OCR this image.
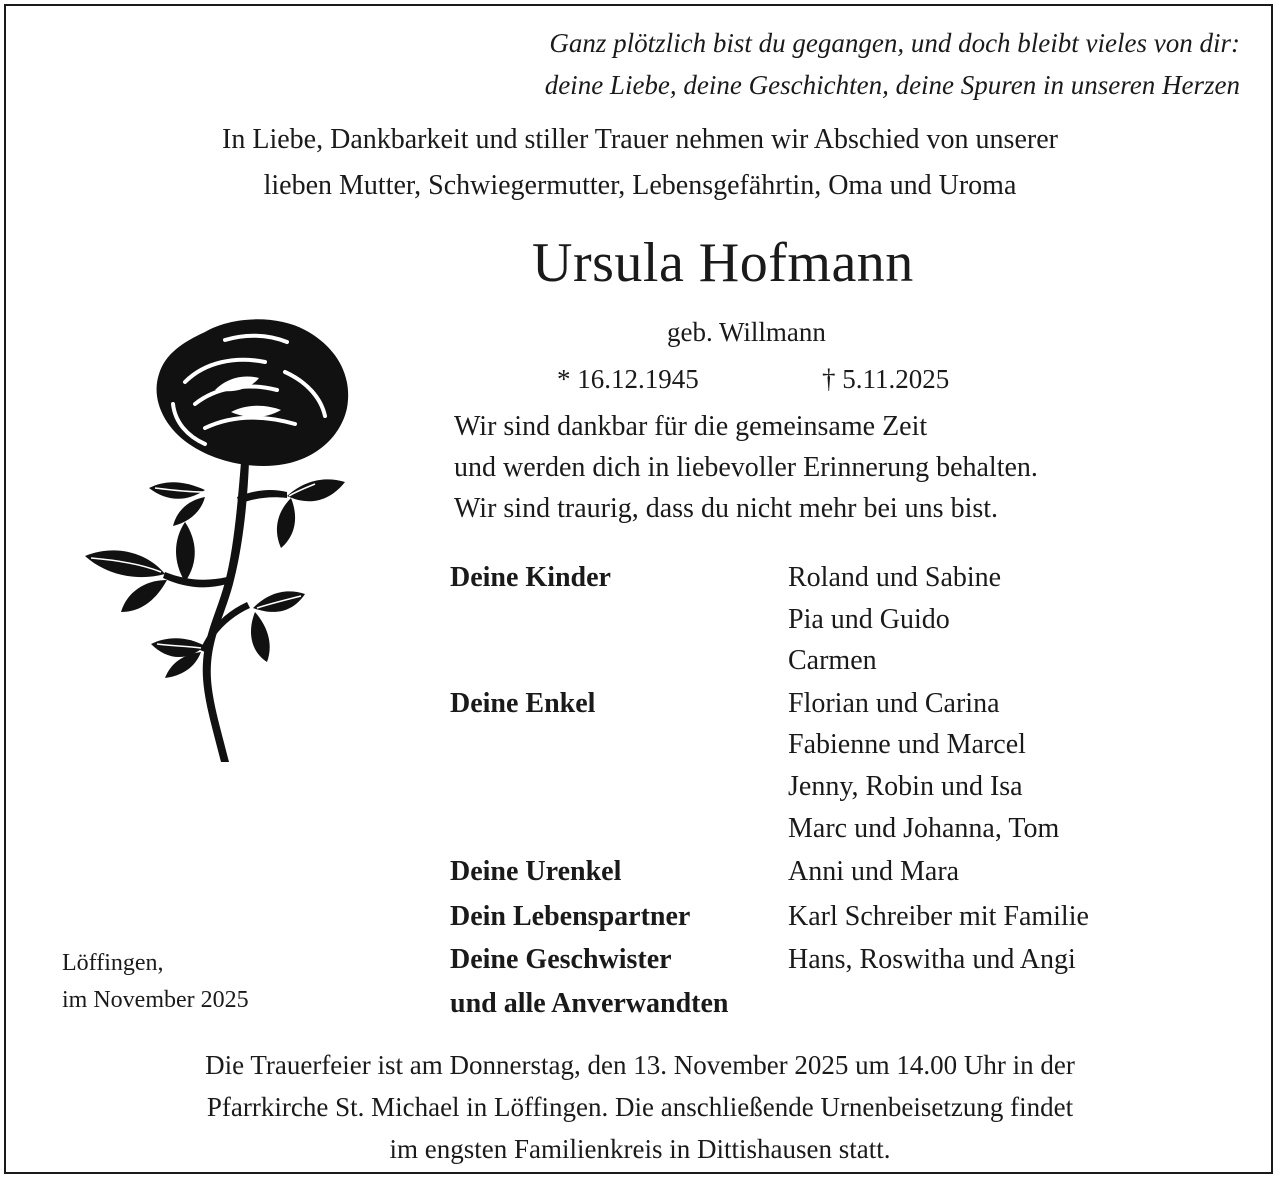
Ganz plötzlich bist du gegangen, und doch bleibt vieles von dir:
deine Liebe, deine Geschichten, deine Spuren in unseren Herzen
In Liebe, Dankbarkeit und stiller Trauer nehmen wir Abschied von unserer
lieben Mutter, Schwiegermutter, Lebensgefährtin, Oma und Uroma
Ursula Hofmann
geb. Willmann
* 16.12.1945	† 5.11.2025
Wir sind dankbar für die gemeinsame Zeit
und werden dich in liebevoller Erinnerung behalten.
Wir sind traurig, dass du nicht mehr bei uns bist.
Deine Kinder	Roland und Sabine
Pia und Guido
Carmen
Deine Enkel	Florian und Carina
Fabienne und Marcel
Jenny, Robin und Isa
Marc und Johanna, Tom
Deine Urenkel	Anni und Mara
Dein Lebenspartner	Karl Schreiber mit Familie
Deine Geschwister	Hans, Roswitha und Angi
und alle Anverwandten
Löffingen,
im November 2025
Die Trauerfeier ist am Donnerstag, den 13. November 2025 um 14.00 Uhr in der
Pfarrkirche St. Michael in Löffingen. Die anschließende Urnenbeisetzung findet
im engsten Familienkreis in Dittishausen statt.
